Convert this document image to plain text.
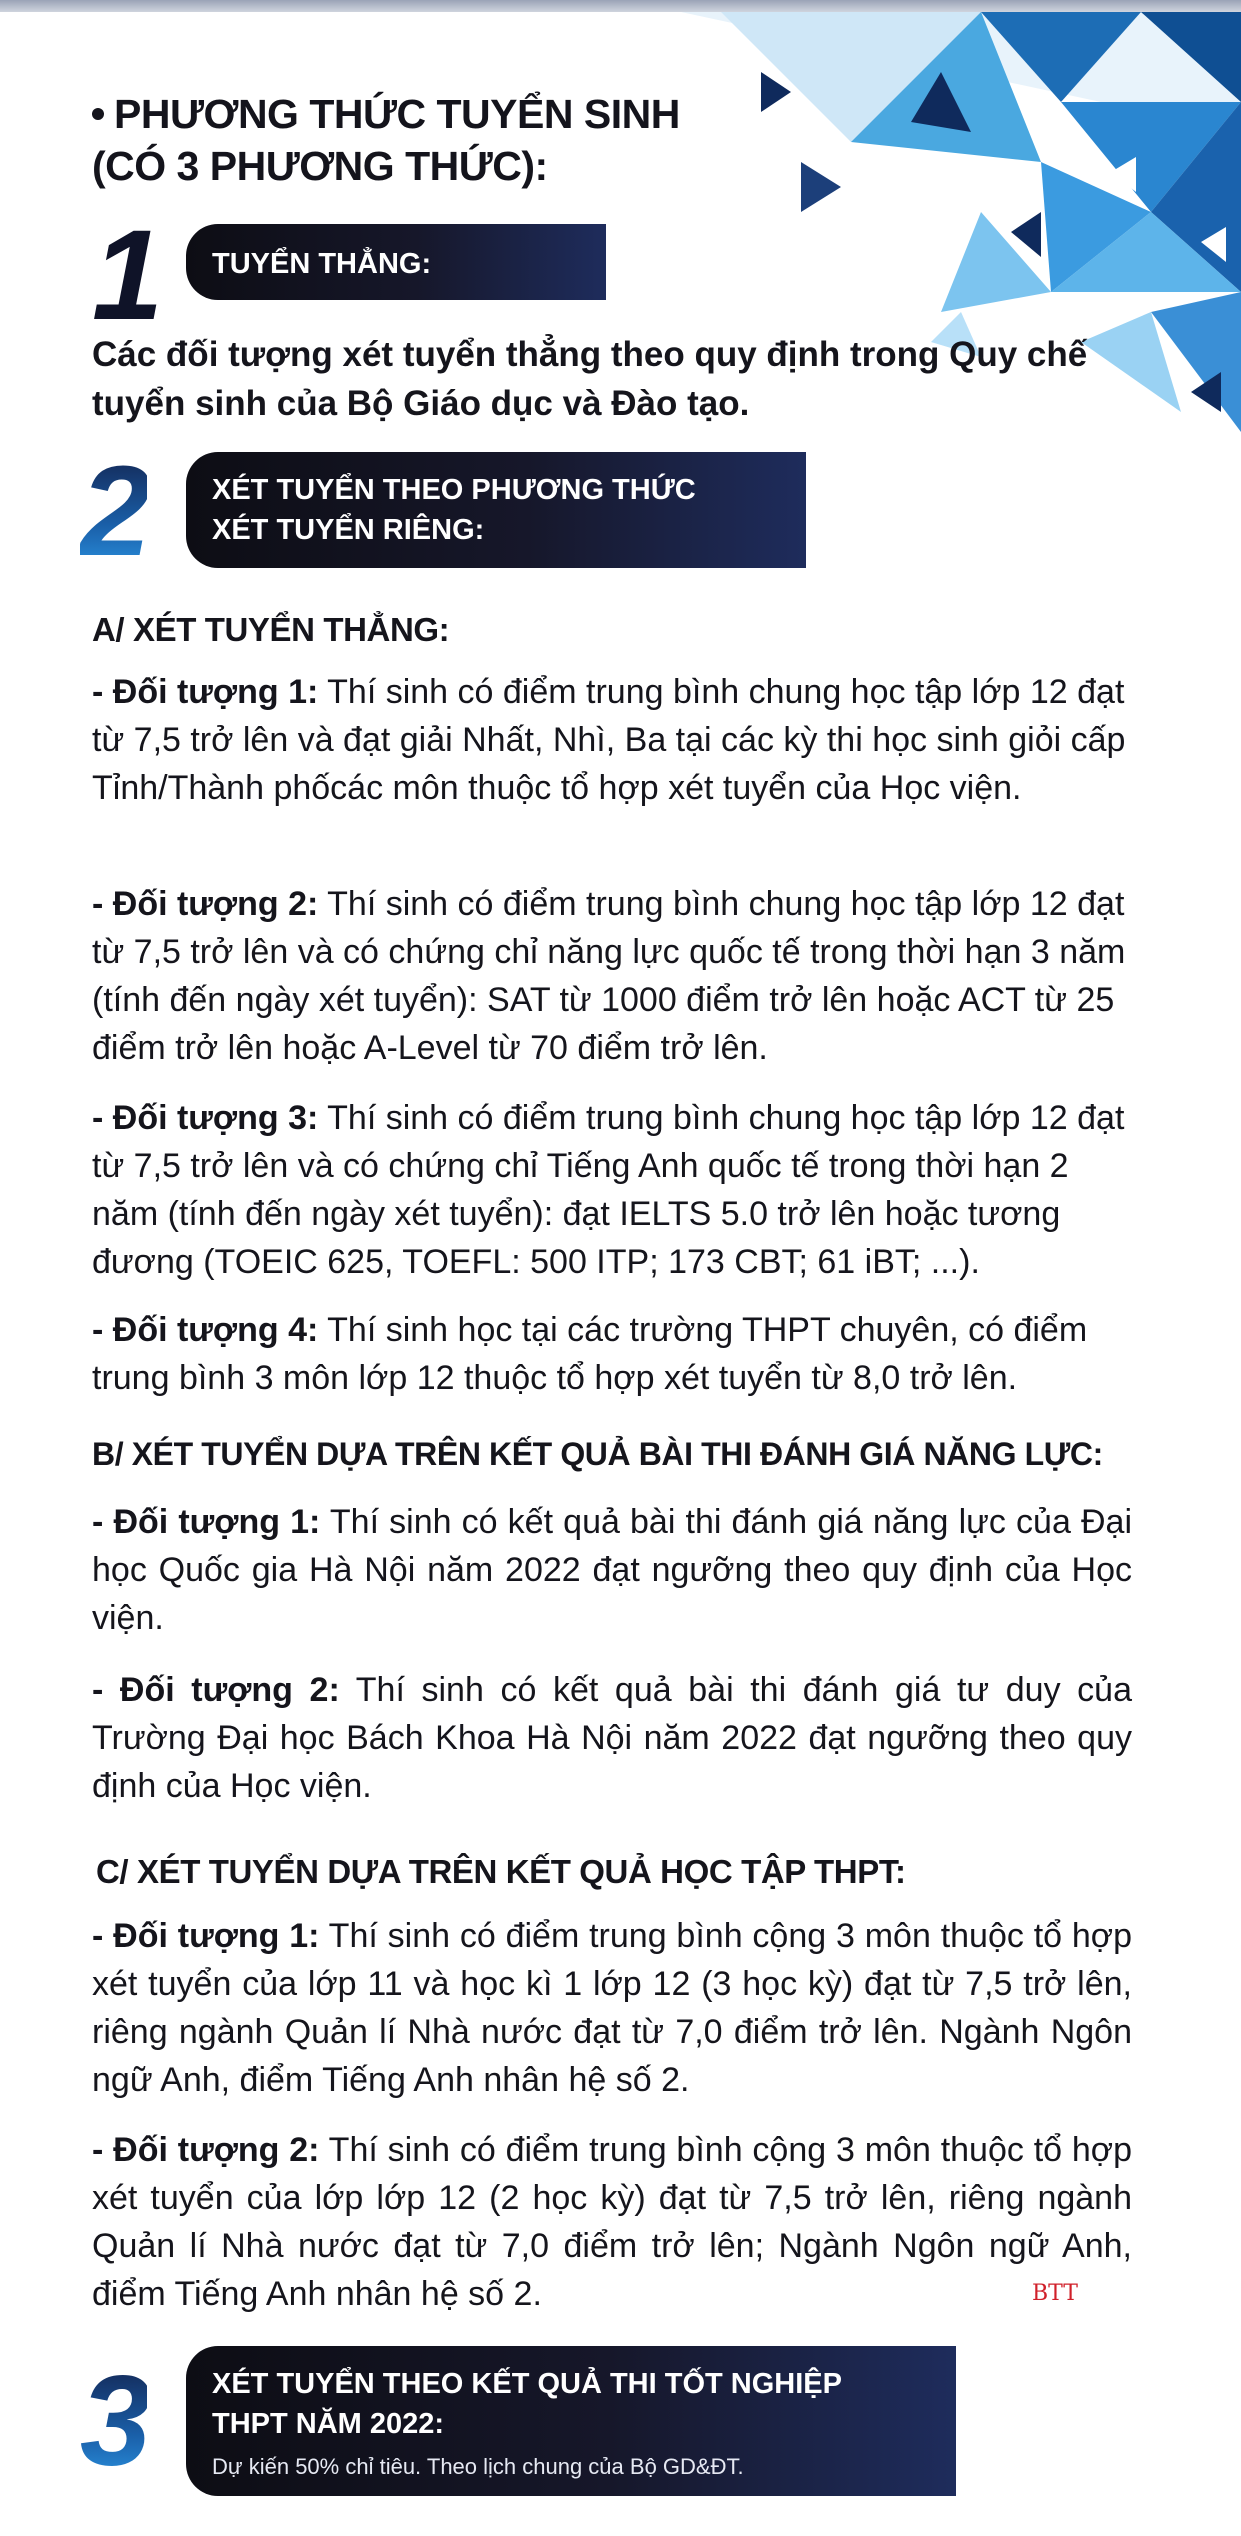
PHƯƠNG THỨC TUYỂN SINH
(CÓ 3 PHƯƠNG THỨC):
1	TUYỂN THẲNG:
Các đối tượng xét tuyển thẳng theo quy định trong Quy chế tuyển sinh của Bộ Giáo dục và Đào tạo.
2 XÉT TUYỂN THEO PHƯƠNG THỨC
XÉT TUYỂN RIÊNG:
A/ XÉT TUYỂN THẲNG:
- Đối tượng 1: Thí sinh có điểm trung bình chung học tập lớp 12 đạt từ 7,5 trở lên và đạt giải Nhất, Nhì, Ba tại các kỳ thi học sinh giỏi cấp Tỉnh/Thành phốcác môn thuộc tổ hợp xét tuyển của Học viện.
- Đối tượng 2: Thí sinh có điểm trung bình chung học tập lớp 12 đạt từ 7,5 trở lên và có chứng chỉ năng lực quốc tế trong thời hạn 3 năm (tính đến ngày xét tuyển): SAT từ 1000 điểm trở lên hoặc ACT từ 25 điểm trở lên hoặc A-Level từ 70 điểm trở lên.
- Đối tượng 3: Thí sinh có điểm trung bình chung học tập lớp 12 đạt từ 7,5 trở lên và có chứng chỉ Tiếng Anh quốc tế trong thời hạn 2 năm (tính đến ngày xét tuyển): đạt IELTS 5.0 trở lên hoặc tương đương (TOEIC 625, TOEFL: 500 ITP; 173 CBT; 61 iBT; ...).
- Đối tượng 4: Thí sinh học tại các trường THPT chuyên, có điểm trung bình 3 môn lớp 12 thuộc tổ hợp xét tuyển từ 8,0 trở lên.
B/ XÉT TUYỂN DỰA TRÊN KẾT QUẢ BÀI THI ĐÁNH GIÁ NĂNG LỰC:
- Đối tượng 1: Thí sinh có kết quả bài thi đánh giá năng lực của Đại học Quốc gia Hà Nội năm 2022 đạt ngưỡng theo quy định của Học viện.
- Đối tượng 2: Thí sinh có kết quả bài thi đánh giá tư duy của Trường Đại học Bách Khoa Hà Nội năm 2022 đạt ngưỡng theo quy định của Học viện.
C/ XÉT TUYỂN DỰA TRÊN KẾT QUẢ HỌC TẬP THPT:
- Đối tượng 1: Thí sinh có điểm trung bình cộng 3 môn thuộc tổ hợp xét tuyển của lớp 11 và học kì 1 lớp 12 (3 học kỳ) đạt từ 7,5 trở lên, riêng ngành Quản lí Nhà nước đạt từ 7,0 điểm trở lên. Ngành Ngôn ngữ Anh, điểm Tiếng Anh nhân hệ số 2.
- Đối tượng 2: Thí sinh có điểm trung bình cộng 3 môn thuộc tổ hợp xét tuyển của lớp lớp 12 (2 học kỳ) đạt từ 7,5 trở lên, riêng ngành Quản lí Nhà nước đạt từ 7,0 điểm trở lên; Ngành Ngôn ngữ Anh, điểm Tiếng Anh nhân hệ số 2.	BTT
3 XÉT TUYỂN THEO KẾT QUẢ THI TỐT NGHIỆP
THPT NĂM 2022:
Dự kiến 50% chỉ tiêu. Theo lịch chung của Bộ GD&ĐT.
